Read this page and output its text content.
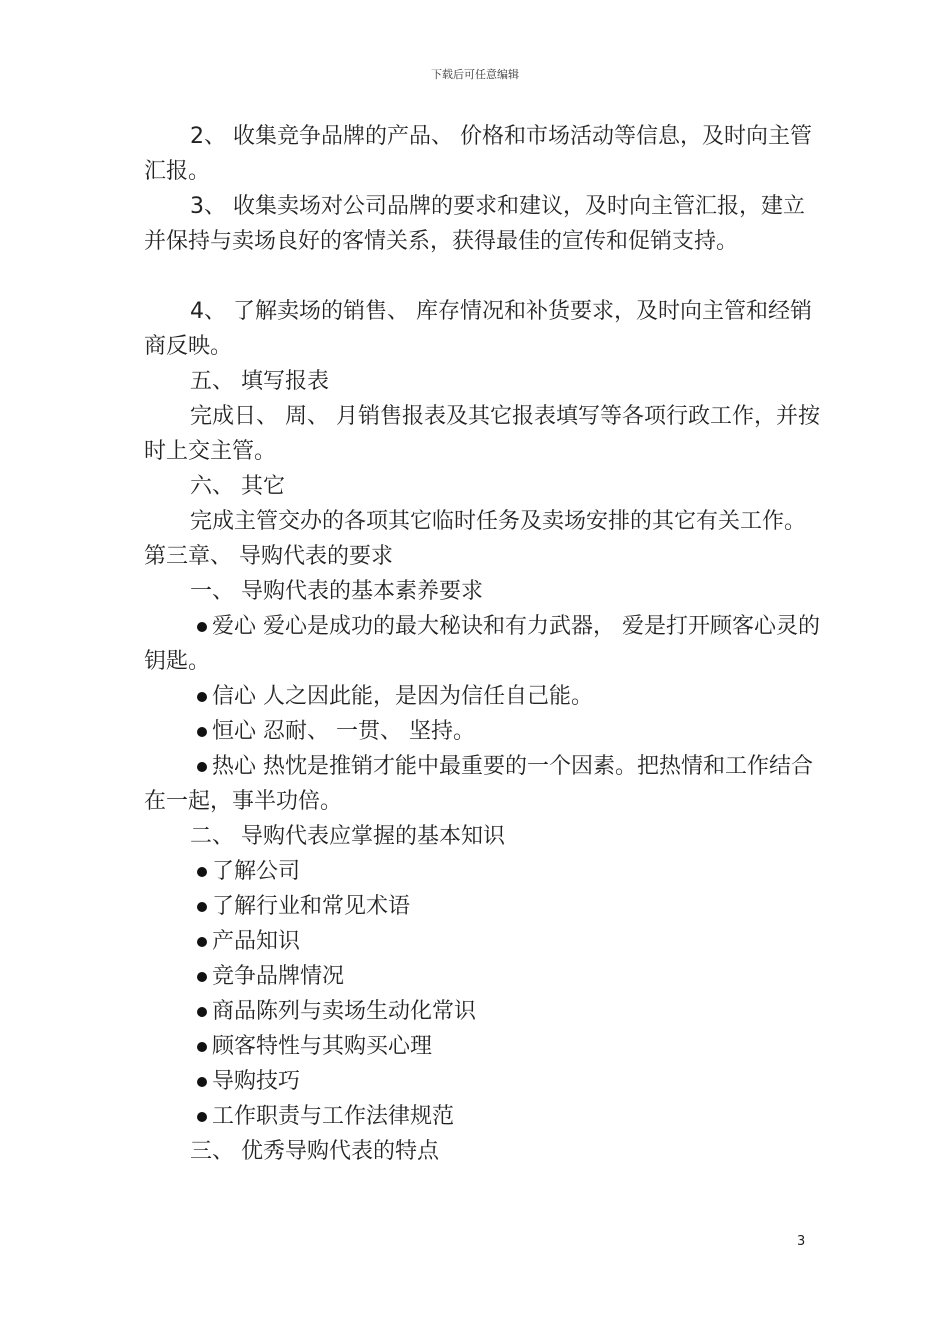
下载后可任意编辑

2、 收集竞争品牌的产品、 价格和市场活动等信息，及时向主管汇报。

3、 收集卖场对公司品牌的要求和建议，及时向主管汇报，建立并保持与卖场良好的客情关系，获得最佳的宣传和促销支持。

4、 了解卖场的销售、 库存情况和补货要求，及时向主管和经销商反映。

五、 填写报表

完成日、 周、 月销售报表及其它报表填写等各项行政工作，并按时上交主管。

六、 其它

完成主管交办的各项其它临时任务及卖场安排的其它有关工作。

第三章、 导购代表的要求

一、 导购代表的基本素养要求

爱心 爱心是成功的最大秘诀和有力武器， 爱是打开顾客心灵的钥匙。

信心 人之因此能，是因为信任自己能。

恒心 忍耐、 一贯、 坚持。

热心 热忱是推销才能中最重要的一个因素。把热情和工作结合在一起，事半功倍。

二、 导购代表应掌握的基本知识

了解公司

了解行业和常见术语

产品知识

竞争品牌情况

商品陈列与卖场生动化常识

顾客特性与其购买心理

导购技巧

工作职责与工作法律规范

三、 优秀导购代表的特点

3
